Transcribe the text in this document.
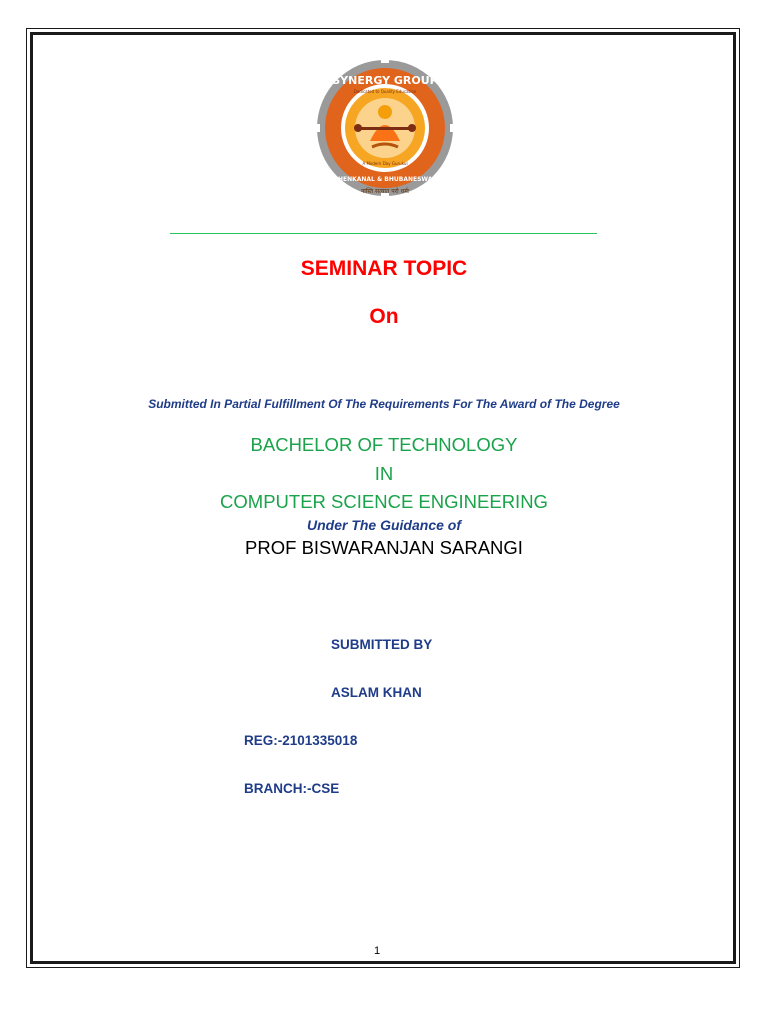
SYNERGY GROUP
DHENKANAL & BHUBANESWAR
Dedicated to Quality Education
A Modern Day Gurukul
नास्ति सत्यात परो धर्मः
SEMINAR TOPIC
On
Submitted In Partial Fulfillment Of The Requirements For The Award of The Degree
BACHELOR OF TECHNOLOGY
IN
COMPUTER SCIENCE ENGINEERING
Under The Guidance of
PROF BISWARANJAN SARANGI
SUBMITTED BY
ASLAM KHAN
REG:-2101335018
BRANCH:-CSE
1
